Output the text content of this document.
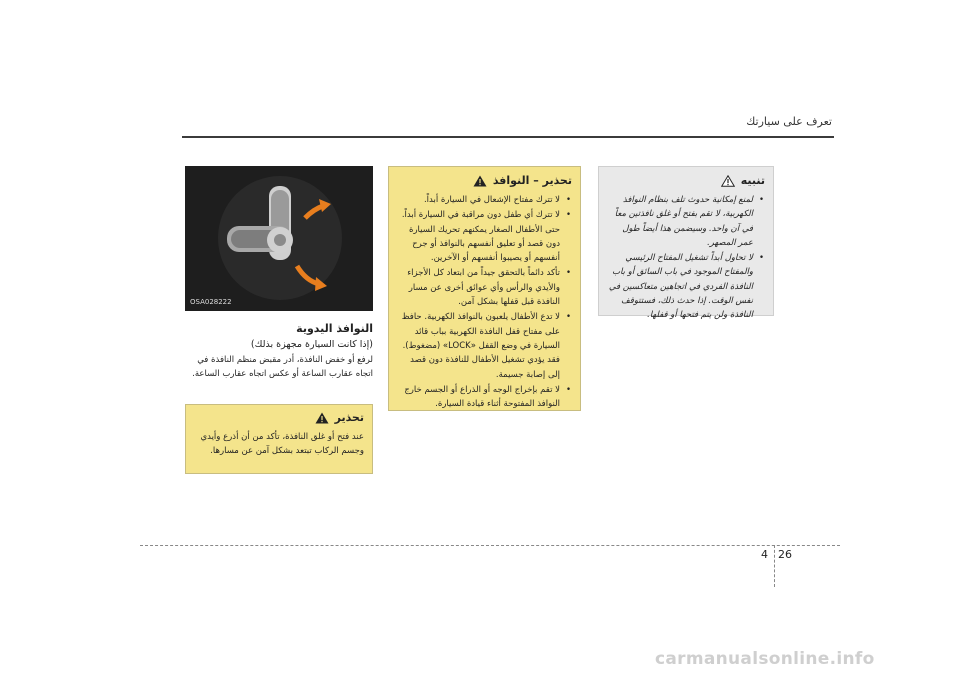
تعرف على سيارتك
تنبيه
• لمنع إمكانية حدوث تلف بنظام النوافذ الكهربية، لا تقم بفتح أو غلق نافذتين معاً في آن واحد. وسيضمن هذا أيضاً طول عمر المصهر.
• لا تحاول أبداً تشغيل المفتاح الرئيسي والمفتاح الموجود في باب السائق أو باب النافذة الفردي في اتجاهين متعاكسين في نفس الوقت. إذا حدث ذلك، فستتوقف النافذة ولن يتم فتحها أو قفلها.
تحذير – النوافذ
• لا تترك مفتاح الإشعال في السيارة أبداً.
• لا تترك أي طفل دون مراقبة في السيارة أبداً. حتى الأطفال الصغار يمكنهم تحريك السيارة دون قصد أو تعليق أنفسهم بالنوافذ أو جرح أنفسهم أو يصيبوا أنفسهم أو الآخرين.
• تأكد دائماً بالتحقق جيداً من ابتعاد كل الأجزاء والأيدي والرأس وأي عوائق أخرى عن مسار النافذة قبل قفلها بشكل آمن.
• لا تدع الأطفال يلعبون بالنوافذ الكهربية. حافظ على مفتاح قفل النافذة الكهربية بباب قائد السيارة في وضع القفل «LOCK» (مضغوط). فقد يؤدي تشغيل الأطفال للنافذة دون قصد إلى إصابة جسيمة.
• لا تقم بإخراج الوجه أو الذراع أو الجسم خارج النوافذ المفتوحة أثناء قيادة السيارة.
OSA028222

النوافذ اليدوية

(إذا كانت السيارة مجهزة بذلك)

لرفع أو خفض النافذة، أدر مقبض منظم النافذة في اتجاه عقارب الساعة أو عكس اتجاه عقارب الساعة.

تحذير

عند فتح أو غلق النافذة، تأكد من أن أذرع وأيدي وجسم الركاب تبتعد بشكل آمن عن مسارها.

4 26
carmanualsonline.info
